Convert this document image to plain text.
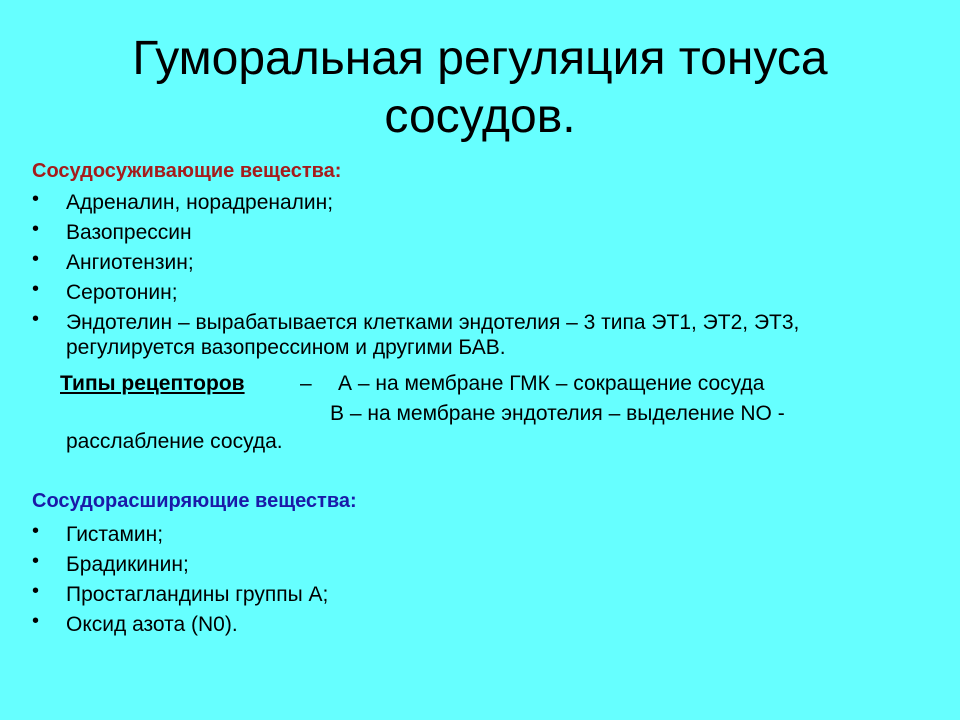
Гуморальная регуляция тонуса
сосудов.
Сосудосуживающие вещества:
• Адреналин, норадреналин;
• Вазопрессин
• Ангиотензин;
• Серотонин;
• Эндотелин – вырабатывается клетками эндотелия – 3 типа ЭТ1, ЭТ2, ЭТ3, регулируется вазопрессином и другими БАВ.
Типы рецепторов	– А – на мембране ГМК – сокращение сосуда
В – на мембране эндотелия – выделение NO -
расслабление сосуда.
Сосудорасширяющие вещества:
• Гистамин;
• Брадикинин;
• Простагландины группы А;
• Оксид азота (N0).
